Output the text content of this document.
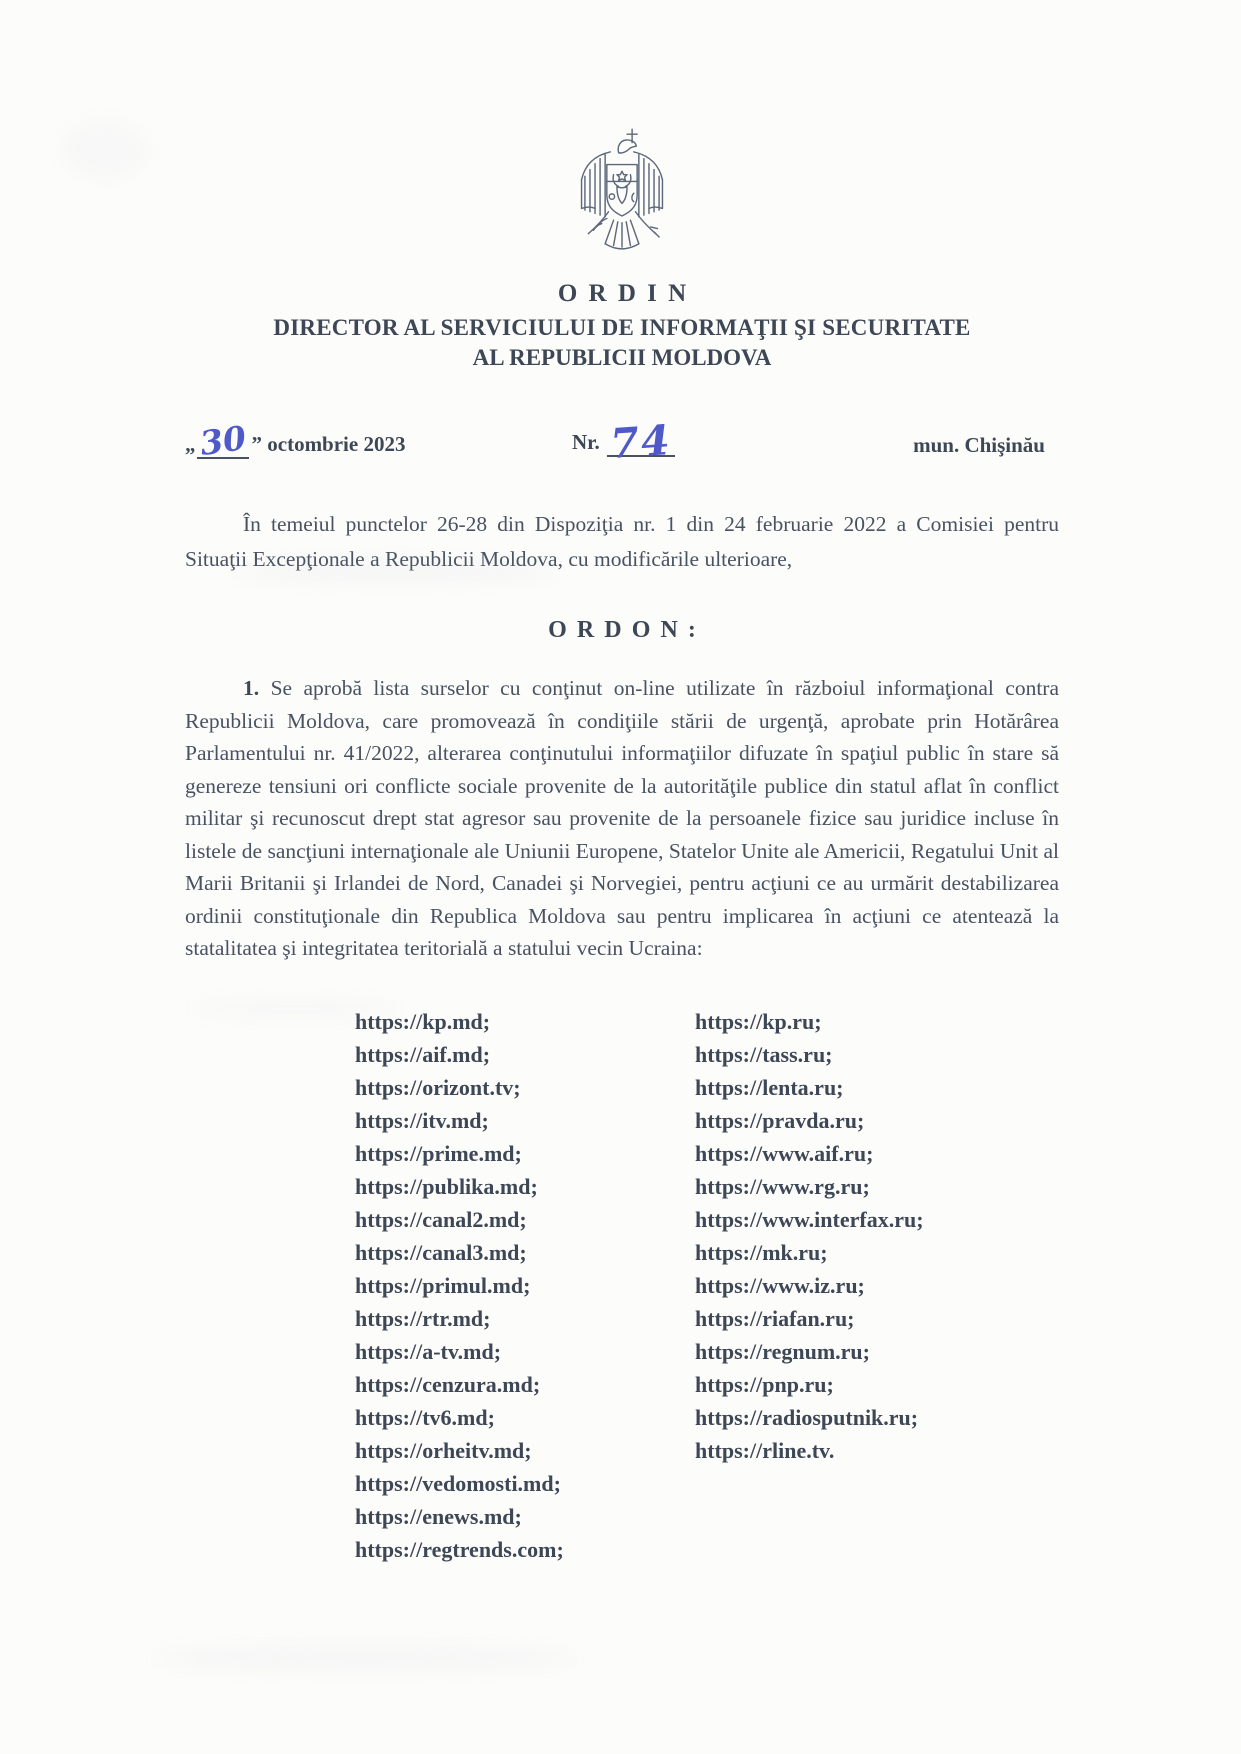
ORDIN
DIRECTOR AL SERVICIULUI DE INFORMAŢII ŞI SECURITATE
AL REPUBLICII MOLDOVA
„30 ” octombrie 2023	Nr. 74	mun. Chişinău

În temeiul punctelor 26-28 din Dispoziţia nr. 1 din 24 februarie 2022 a Comisiei pentru Situaţii Excepţionale a Republicii Moldova, cu modificările ulterioare,

ORDON:

1. Se aprobă lista surselor cu conţinut on-line utilizate în războiul informaţional contra Republicii Moldova, care promovează în condiţiile stării de urgenţă, aprobate prin Hotărârea Parlamentului nr. 41/2022, alterarea conţinutului informaţiilor difuzate în spaţiul public în stare să genereze tensiuni ori conflicte sociale provenite de la autorităţile publice din statul aflat în conflict militar şi recunoscut drept stat agresor sau provenite de la persoanele fizice sau juridice incluse în listele de sancţiuni internaţionale ale Uniunii Europene, Statelor Unite ale Americii, Regatului Unit al Marii Britanii şi Irlandei de Nord, Canadei şi Norvegiei, pentru acţiuni ce au urmărit destabilizarea ordinii constituţionale din Republica Moldova sau pentru implicarea în acţiuni ce atentează la statalitatea şi integritatea teritorială a statului vecin Ucraina:

https://kp.md;
https://aif.md;
https://orizont.tv;
https://itv.md;
https://prime.md;
https://publika.md;
https://canal2.md;
https://canal3.md;
https://primul.md;
https://rtr.md;
https://a-tv.md;
https://cenzura.md;
https://tv6.md;
https://orheitv.md;
https://vedomosti.md;
https://enews.md;
https://regtrends.com;
https://kp.ru;
https://tass.ru;
https://lenta.ru;
https://pravda.ru;
https://www.aif.ru;
https://www.rg.ru;
https://www.interfax.ru;
https://mk.ru;
https://www.iz.ru;
https://riafan.ru;
https://regnum.ru;
https://pnp.ru;
https://radiosputnik.ru;
https://rline.tv.
